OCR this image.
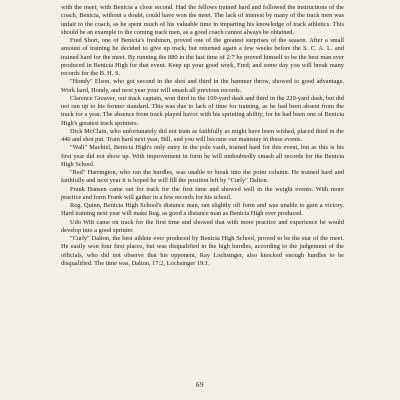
with the meet, with Benicia a close second. Had the fellows trained hard and followed the instructions of the coach, Benicia, without a doubt, could have won the meet. The lack of interest by many of the track men was unfair to the coach, as he spent much of his valuable time in imparting his knowledge of track athletics. This should be an example to the coming track men, as a good coach cannot always be obtained.

Fred Short, one of Benicia's freshmen, proved one of the greatest surprises of the season. After a small amount of training he decided to give up track, but returned again a few weeks before the S. C. A. L. and trained hard for the meet. By running the 880 in the fast time of 2:7 he proved himself to be the best man ever produced in Benicia High for that event. Keep up your good work, Fred; and some day you will break many records for the B. H. S.

"Hondy" Elson, who got second in the shot and third in the hammer throw, showed to good advantage. Work hard, Hondy, and next year your will smash all previous records.

Clarence Greaver, our track captain, won third in the 100-yard dash and third in the 220-yard dash, but did not run up to his former standard. This was due to lack of time for training, as he had been absent from the track for a year. The absence from track played havoc with his sprinting ability, for he had been one of Benicia High's greatest track sprinters.

Dick McClain, who unfortunately did not train as faithfully as might have been wished, placed third in the 440 and shot put. Train hard next year, Bill, and you will become our mainstay in these events.

"Walt" Machiel, Benicia High's only entry in the pole vault, trained hard for this event, but as this is his first year did not show up. With improvement in form he will undoubtedly smash all records for the Benicia High School.

"Red" Harrington, who ran the hurdles, was unable to break into the point column. He trained hard and faithfully and next year it is hoped he will fill the position left by "Curly" Dalton.

Frank Hansen came out for track for the first time and showed well in the weight events. With more practice and form Frank will gather in a few records for his school.

Reg. Quinn, Benicia High School's distance man, ran slightly off form and was unable to gain a victory. Hard training next year will make Reg. as good a distance man as Benicia High ever produced.

Udo Witt came on track for the first time and showed that with more practice and experience he would develop into a good sprinter.

"Curly" Dalton, the best athlete ever produced by Benicia High School, proved to be the star of the meet. He easily won four first places, but was disqualified in the high hurdles, according to the judgement of the officials, who did not observe that his opponent, Ray Lochsinger, also knocked enough hurdles to be disqualified. The time was, Dalton, 17:2, Lochsinger 19:1.

69
